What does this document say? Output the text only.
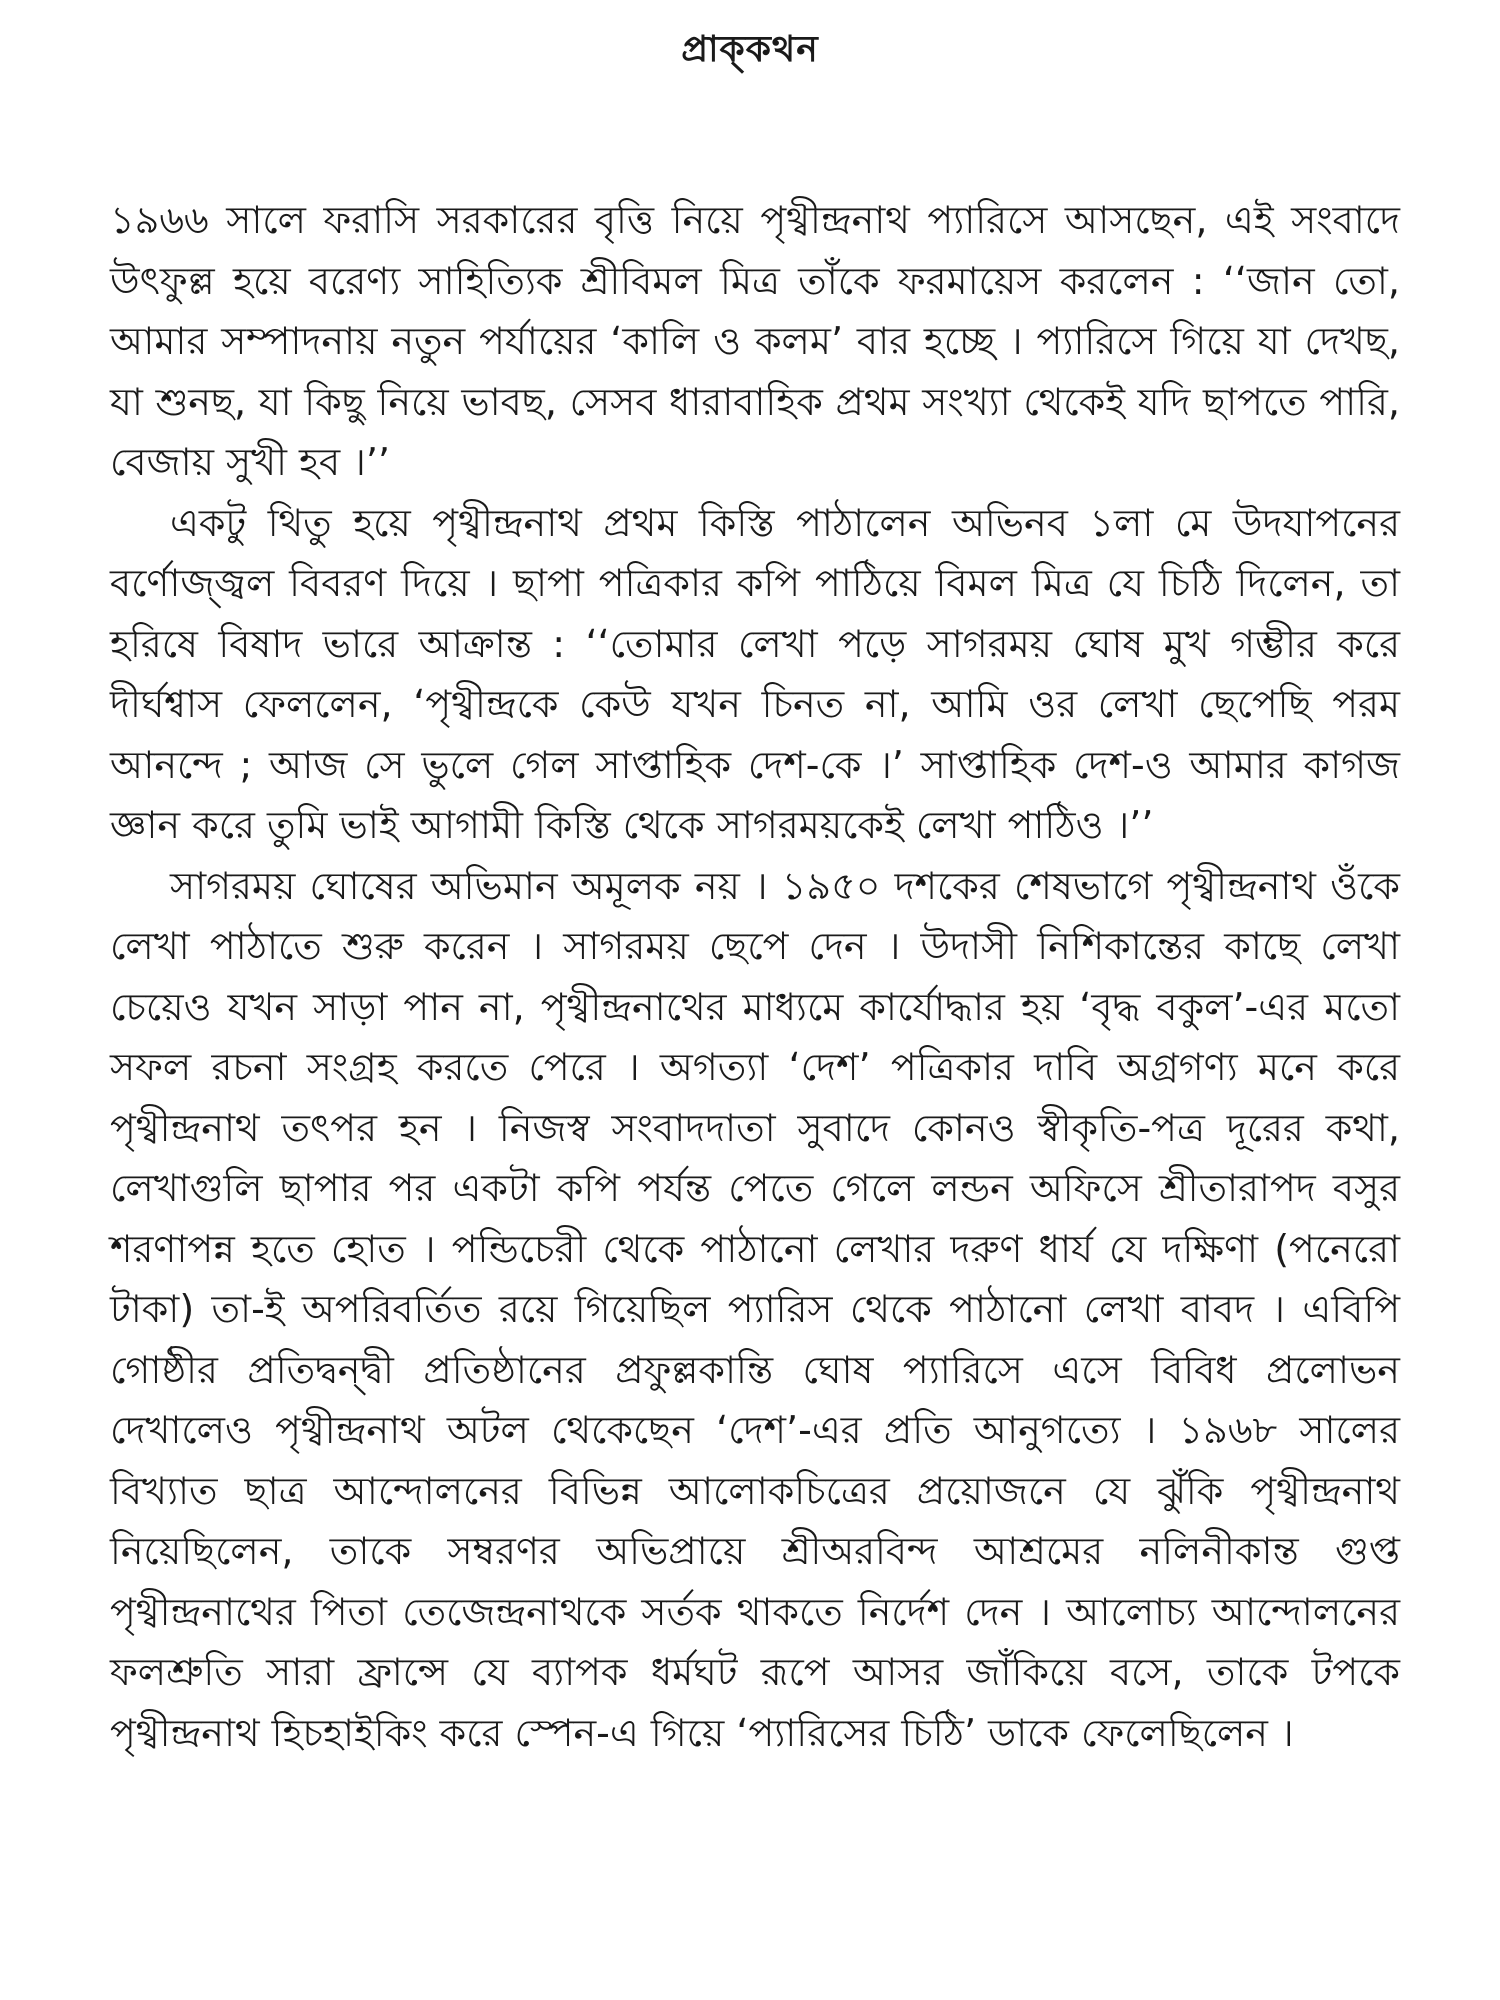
প্রাক্‌কথন

১৯৬৬ সালে ফরাসি সরকারের বৃত্তি নিয়ে পৃথ্বীন্দ্রনাথ প্যারিসে আসছেন, এই সংবাদে উৎফুল্ল হয়ে বরেণ্য সাহিত্যিক শ্রীবিমল মিত্র তাঁকে ফরমায়েস করলেন : ‘‘জান তো, আমার সম্পাদনায় নতুন পর্যায়ের ‘কালি ও কলম’ বার হচ্ছে । প্যারিসে গিয়ে যা দেখছ, যা শুনছ, যা কিছু নিয়ে ভাবছ, সেসব ধারাবাহিক প্রথম সংখ্যা থেকেই যদি ছাপতে পারি, বেজায় সুখী হব ।’’

একটু থিতু হয়ে পৃথ্বীন্দ্রনাথ প্রথম কিস্তি পাঠালেন অভিনব ১লা মে উদযাপনের বর্ণোজ্জ্বল বিবরণ দিয়ে । ছাপা পত্রিকার কপি পাঠিয়ে বিমল মিত্র যে চিঠি দিলেন, তা হরিষে বিষাদ ভারে আক্রান্ত : ‘‘তোমার লেখা পড়ে সাগরময় ঘোষ মুখ গম্ভীর করে দীর্ঘশ্বাস ফেললেন, ‘পৃথ্বীন্দ্রকে কেউ যখন চিনত না, আমি ওর লেখা ছেপেছি পরম আনন্দে ; আজ সে ভুলে গেল সাপ্তাহিক দেশ-কে ।’ সাপ্তাহিক দেশ-ও আমার কাগজ জ্ঞান করে তুমি ভাই আগামী কিস্তি থেকে সাগরময়কেই লেখা পাঠিও ।’’

সাগরময় ঘোষের অভিমান অমূলক নয় । ১৯৫০ দশকের শেষভাগে পৃথ্বীন্দ্রনাথ ওঁকে লেখা পাঠাতে শুরু করেন । সাগরময় ছেপে দেন । উদাসী নিশিকান্তের কাছে লেখা চেয়েও যখন সাড়া পান না, পৃথ্বীন্দ্রনাথের মাধ্যমে কার্যোদ্ধার হয় ‘বৃদ্ধ বকুল’-এর মতো সফল রচনা সংগ্রহ করতে পেরে । অগত্যা ‘দেশ’ পত্রিকার দাবি অগ্রগণ্য মনে করে পৃথ্বীন্দ্রনাথ তৎপর হন । নিজস্ব সংবাদদাতা সুবাদে কোনও স্বীকৃতি-পত্র দূরের কথা, লেখাগুলি ছাপার পর একটা কপি পর্যন্ত পেতে গেলে লন্ডন অফিসে শ্রীতারাপদ বসুর শরণাপন্ন হতে হোত । পন্ডিচেরী থেকে পাঠানো লেখার দরুণ ধার্য যে দক্ষিণা (পনেরো টাকা) তা-ই অপরিবর্তিত রয়ে গিয়েছিল প্যারিস থেকে পাঠানো লেখা বাবদ । এবিপি গোষ্ঠীর প্রতিদ্বন্দ্বী প্রতিষ্ঠানের প্রফুল্লকান্তি ঘোষ প্যারিসে এসে বিবিধ প্রলোভন দেখালেও পৃথ্বীন্দ্রনাথ অটল থেকেছেন ‘দেশ’-এর প্রতি আনুগত্যে । ১৯৬৮ সালের বিখ্যাত ছাত্র আন্দোলনের বিভিন্ন আলোকচিত্রের প্রয়োজনে যে ঝুঁকি পৃথ্বীন্দ্রনাথ নিয়েছিলেন, তাকে সম্বরণর অভিপ্রায়ে শ্রীঅরবিন্দ আশ্রমের নলিনীকান্ত গুপ্ত পৃথ্বীন্দ্রনাথের পিতা তেজেন্দ্রনাথকে সর্তক থাকতে নির্দেশ দেন । আলোচ্য আন্দোলনের ফলশ্রুতি সারা ফ্রান্সে যে ব্যাপক ধর্মঘট রূপে আসর জাঁকিয়ে বসে, তাকে টপকে পৃথ্বীন্দ্রনাথ হিচহাইকিং করে স্পেন-এ গিয়ে ‘প্যারিসের চিঠি’ ডাকে ফেলেছিলেন ।
